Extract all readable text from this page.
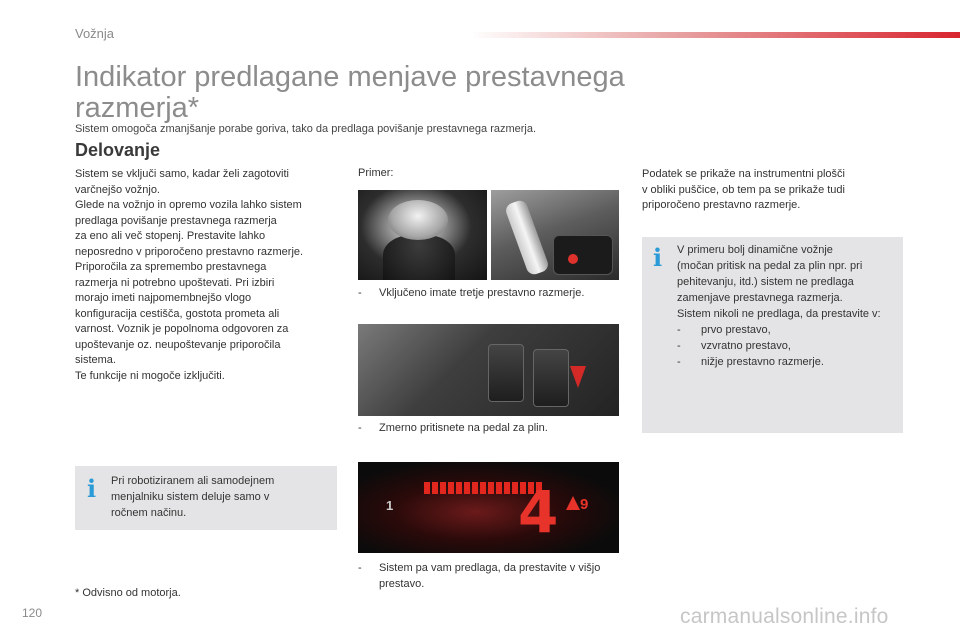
Vožnja
Indikator predlagane menjave prestavnega razmerja*

Sistem omogoča zmanjšanje porabe goriva, tako da predlaga povišanje prestavnega razmerja.

Delovanje
Sistem se vključi samo, kadar želi zagotoviti
varčnejšo vožnjo.
Glede na vožnjo in opremo vozila lahko sistem
predlaga povišanje prestavnega razmerja
za eno ali več stopenj. Prestavite lahko
neposredno v priporočeno prestavno razmerje.
Priporočila za spremembo prestavnega
razmerja ni potrebno upoštevati. Pri izbiri
morajo imeti najpomembnejšo vlogo
konfiguracija cestišča, gostota prometa ali
varnost. Voznik je popolnoma odgovoren za
upoštevanje oz. neupoštevanje priporočila
sistema.
Te funkcije ni mogoče izključiti.
i Pri robotiziranem ali samodejnem
menjalniku sistem deluje samo v
ročnem načinu.
* Odvisno od motorja.
Primer:
-	Vključeno imate tretje prestavno razmerje.
-	Zmerno pritisnete na pedal za plin.
1 4 9
-	Sistem pa vam predlaga, da prestavite v višjo prestavo.
Podatek se prikaže na instrumentni plošči
v obliki puščice, ob tem pa se prikaže tudi
priporočeno prestavno razmerje.
i V primeru bolj dinamične vožnje
(močan pritisk na pedal za plin npr. pri
pehitevanju, itd.) sistem ne predlaga
zamenjave prestavnega razmerja.
Sistem nikoli ne predlaga, da prestavite v:
- prvo prestavo,
- vzvratno prestavo,
- nižje prestavno razmerje.
120	carmanualsonline.info
